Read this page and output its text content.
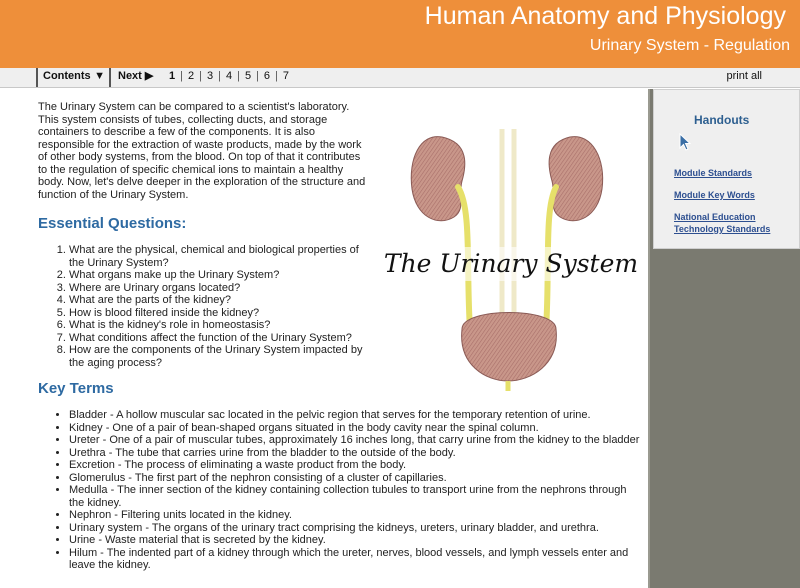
Human Anatomy and Physiology
Urinary System - Regulation
Contents ▼ Next ▶ 1 | 2 | 3 | 4 | 5 | 6 | 7	print all

The Urinary System can be compared to a scientist's laboratory. This system consists of tubes, collecting ducts, and storage containers to describe a few of the components. It is also responsible for the extraction of waste products, made by the work of other body systems, from the blood. On top of that it contributes to the regulation of specific chemical ions to maintain a healthy body. Now, let's delve deeper in the exploration of the structure and function of the Urinary System.

Essential Questions:
1. What are the physical, chemical and biological properties of the Urinary System?
2. What organs make up the Urinary System?
3. Where are Urinary organs located?
4. What are the parts of the kidney?
5. How is blood filtered inside the kidney?
6. What is the kidney's role in homeostasis?
7. What conditions affect the function of the Urinary System?
8. How are the components of the Urinary System impacted by the aging process?
The Urinary System
Key Terms
• Bladder - A hollow muscular sac located in the pelvic region that serves for the temporary retention of urine.
• Kidney - One of a pair of bean-shaped organs situated in the body cavity near the spinal column.
• Ureter - One of a pair of muscular tubes, approximately 16 inches long, that carry urine from the kidney to the bladder
• Urethra - The tube that carries urine from the bladder to the outside of the body.
• Excretion - The process of eliminating a waste product from the body.
• Glomerulus - The first part of the nephron consisting of a cluster of capillaries.
• Medulla - The inner section of the kidney containing collection tubules to transport urine from the nephrons through the kidney.
• Nephron - Filtering units located in the kidney.
• Urinary system - The organs of the urinary tract comprising the kidneys, ureters, urinary bladder, and urethra.
• Urine - Waste material that is secreted by the kidney.
• Hilum - The indented part of a kidney through which the ureter, nerves, blood vessels, and lymph vessels enter and leave the kidney.
Handouts
Module Standards
Module Key Words
National Education Technology Standards
